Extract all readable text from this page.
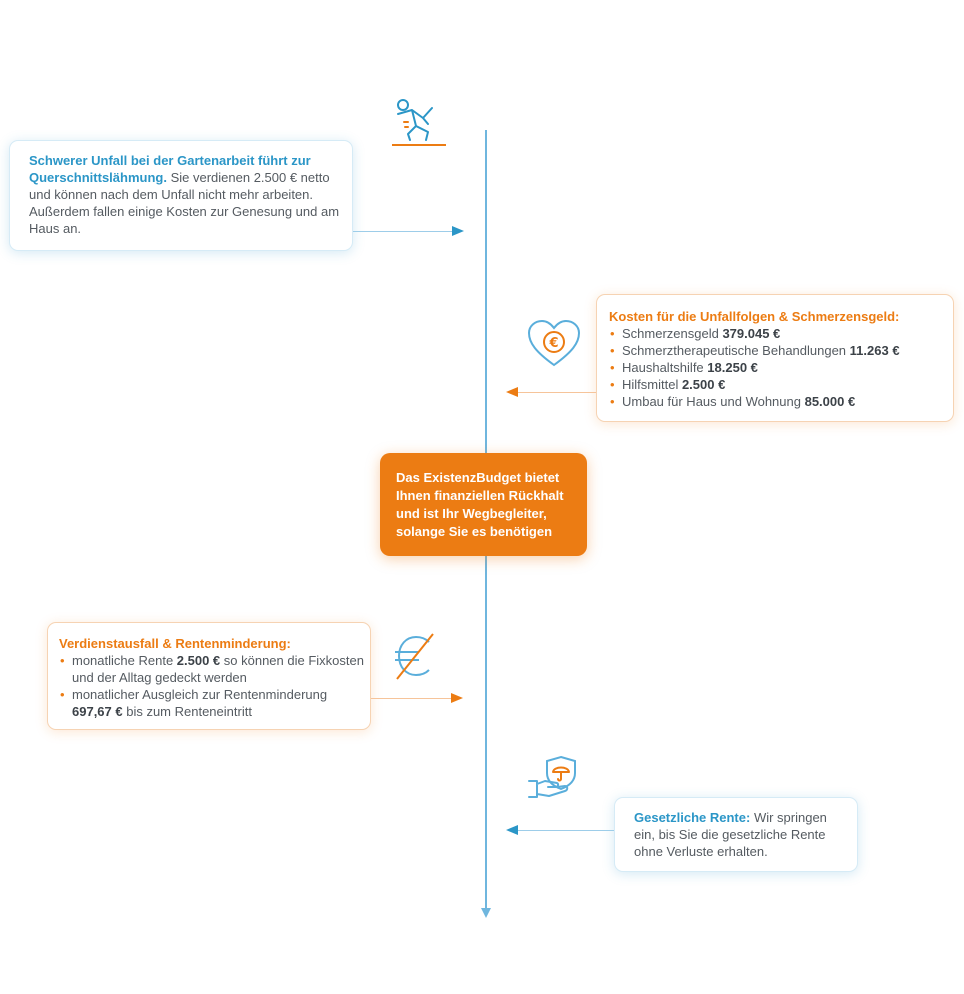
Schwerer Unfall bei der Gartenarbeit führt zur Querschnittslähmung. Sie verdienen 2.500 € netto und können nach dem Unfall nicht mehr arbeiten. Außerdem fallen einige Kosten zur Genesung und am Haus an.
€
Kosten für die Unfallfolgen & Schmerzensgeld:
• Schmerzensgeld 379.045 €
• Schmerztherapeutische Behandlungen 11.263 €
• Haushaltshilfe 18.250 €
• Hilfsmittel 2.500 €
• Umbau für Haus und Wohnung 85.000 €
Das ExistenzBudget bietet Ihnen finanziellen Rückhalt und ist Ihr Wegbegleiter, solange Sie es benötigen
Verdienstausfall & Rentenminderung:
• monatliche Rente 2.500 € so können die Fixkosten und der Alltag gedeckt werden
• monatlicher Ausgleich zur Rentenminderung 697,67 € bis zum Renteneintritt
Gesetzliche Rente: Wir springen ein, bis Sie die gesetzliche Rente ohne Verluste erhalten.
